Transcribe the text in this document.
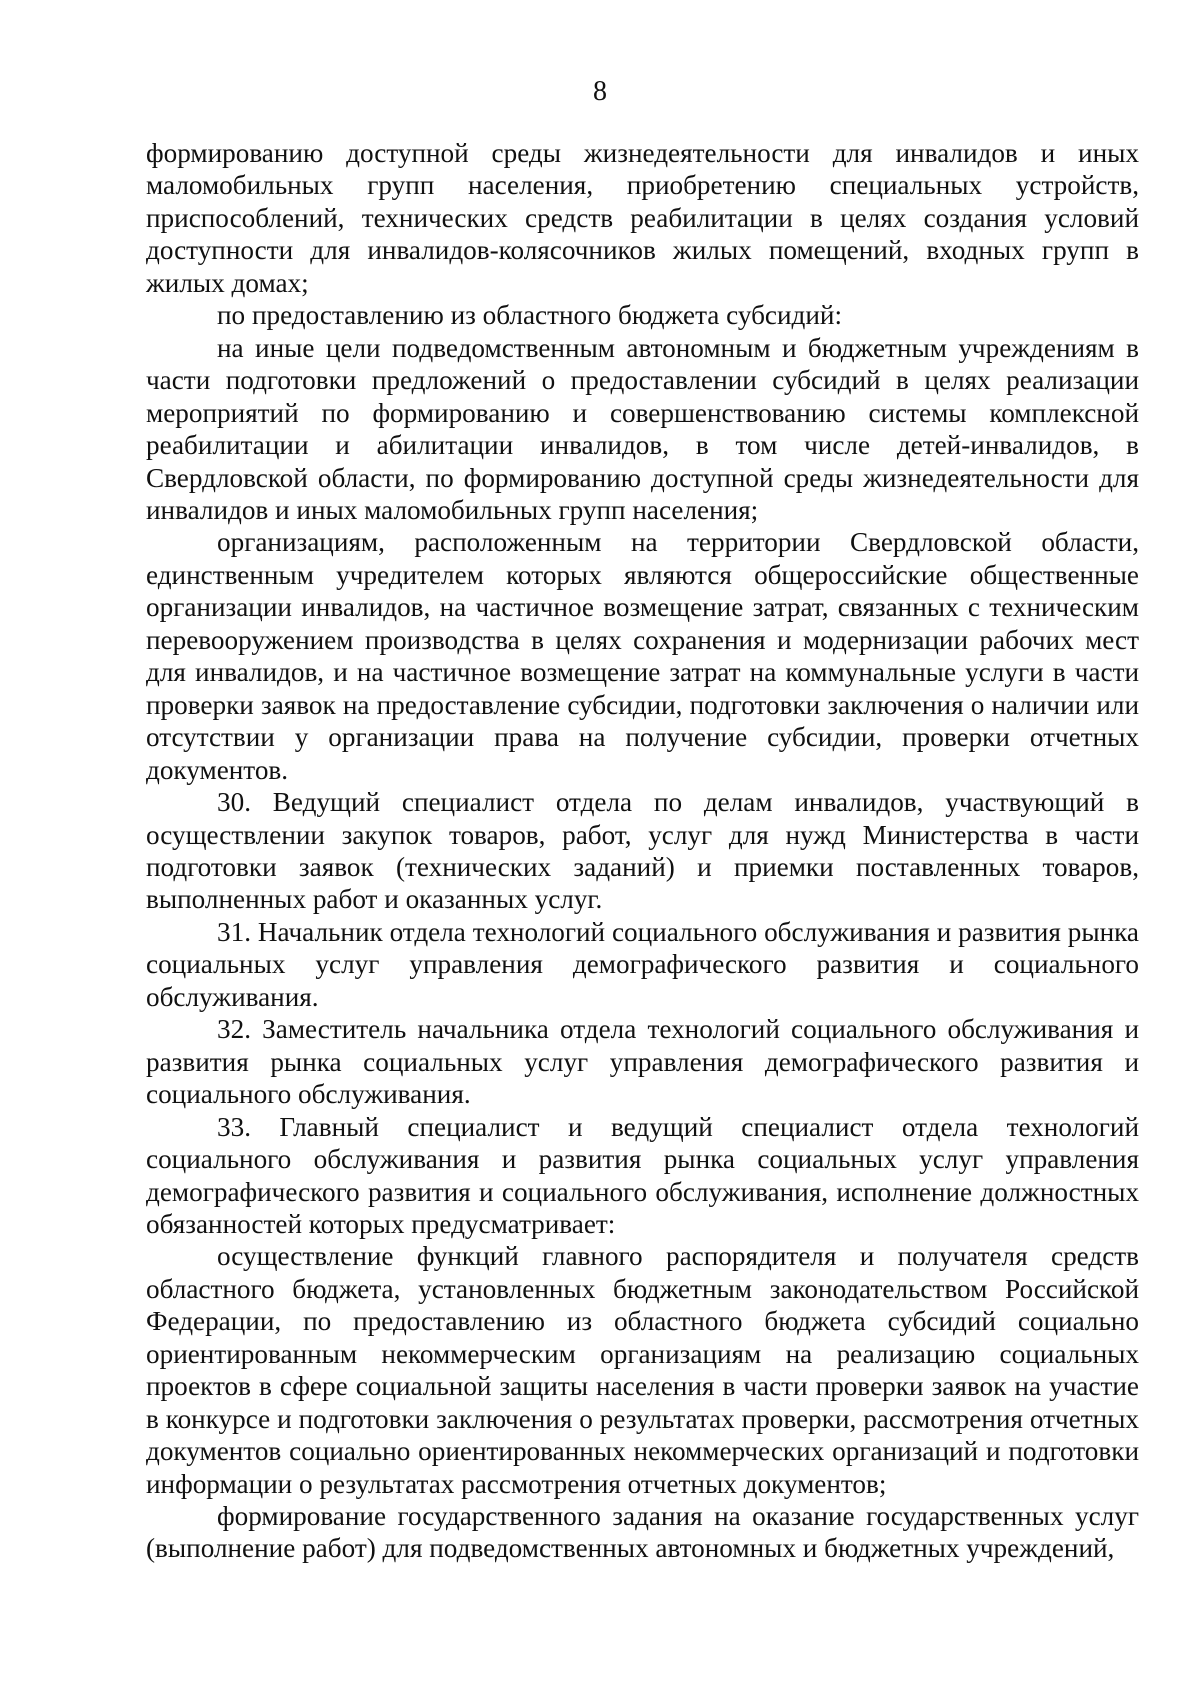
8

формированию доступной среды жизнедеятельности для инвалидов и иных маломобильных групп населения, приобретению специальных устройств, приспособлений, технических средств реабилитации в целях создания условий доступности для инвалидов-колясочников жилых помещений, входных групп в жилых домах;

по предоставлению из областного бюджета субсидий:

на иные цели подведомственным автономным и бюджетным учреждениям в части подготовки предложений о предоставлении субсидий в целях реализации мероприятий по формированию и совершенствованию системы комплексной реабилитации и абилитации инвалидов, в том числе детей-инвалидов, в Свердловской области, по формированию доступной среды жизнедеятельности для инвалидов и иных маломобильных групп населения;

организациям, расположенным на территории Свердловской области, единственным учредителем которых являются общероссийские общественные организации инвалидов, на частичное возмещение затрат, связанных с техническим перевооружением производства в целях сохранения и модернизации рабочих мест для инвалидов, и на частичное возмещение затрат на коммунальные услуги в части проверки заявок на предоставление субсидии, подготовки заключения о наличии или отсутствии у организации права на получение субсидии, проверки отчетных документов.

30. Ведущий специалист отдела по делам инвалидов, участвующий в осуществлении закупок товаров, работ, услуг для нужд Министерства в части подготовки заявок (технических заданий) и приемки поставленных товаров, выполненных работ и оказанных услуг.

31. Начальник отдела технологий социального обслуживания и развития рынка социальных услуг управления демографического развития и социального обслуживания.

32. Заместитель начальника отдела технологий социального обслуживания и развития рынка социальных услуг управления демографического развития и социального обслуживания.

33. Главный специалист и ведущий специалист отдела технологий социального обслуживания и развития рынка социальных услуг управления демографического развития и социального обслуживания, исполнение должностных обязанностей которых предусматривает:

осуществление функций главного распорядителя и получателя средств областного бюджета, установленных бюджетным законодательством Российской Федерации, по предоставлению из областного бюджета субсидий социально ориентированным некоммерческим организациям на реализацию социальных проектов в сфере социальной защиты населения в части проверки заявок на участие в конкурсе и подготовки заключения о результатах проверки, рассмотрения отчетных документов социально ориентированных некоммерческих организаций и подготовки информации о результатах рассмотрения отчетных документов;

формирование государственного задания на оказание государственных услуг (выполнение работ) для подведомственных автономных и бюджетных учреждений,
